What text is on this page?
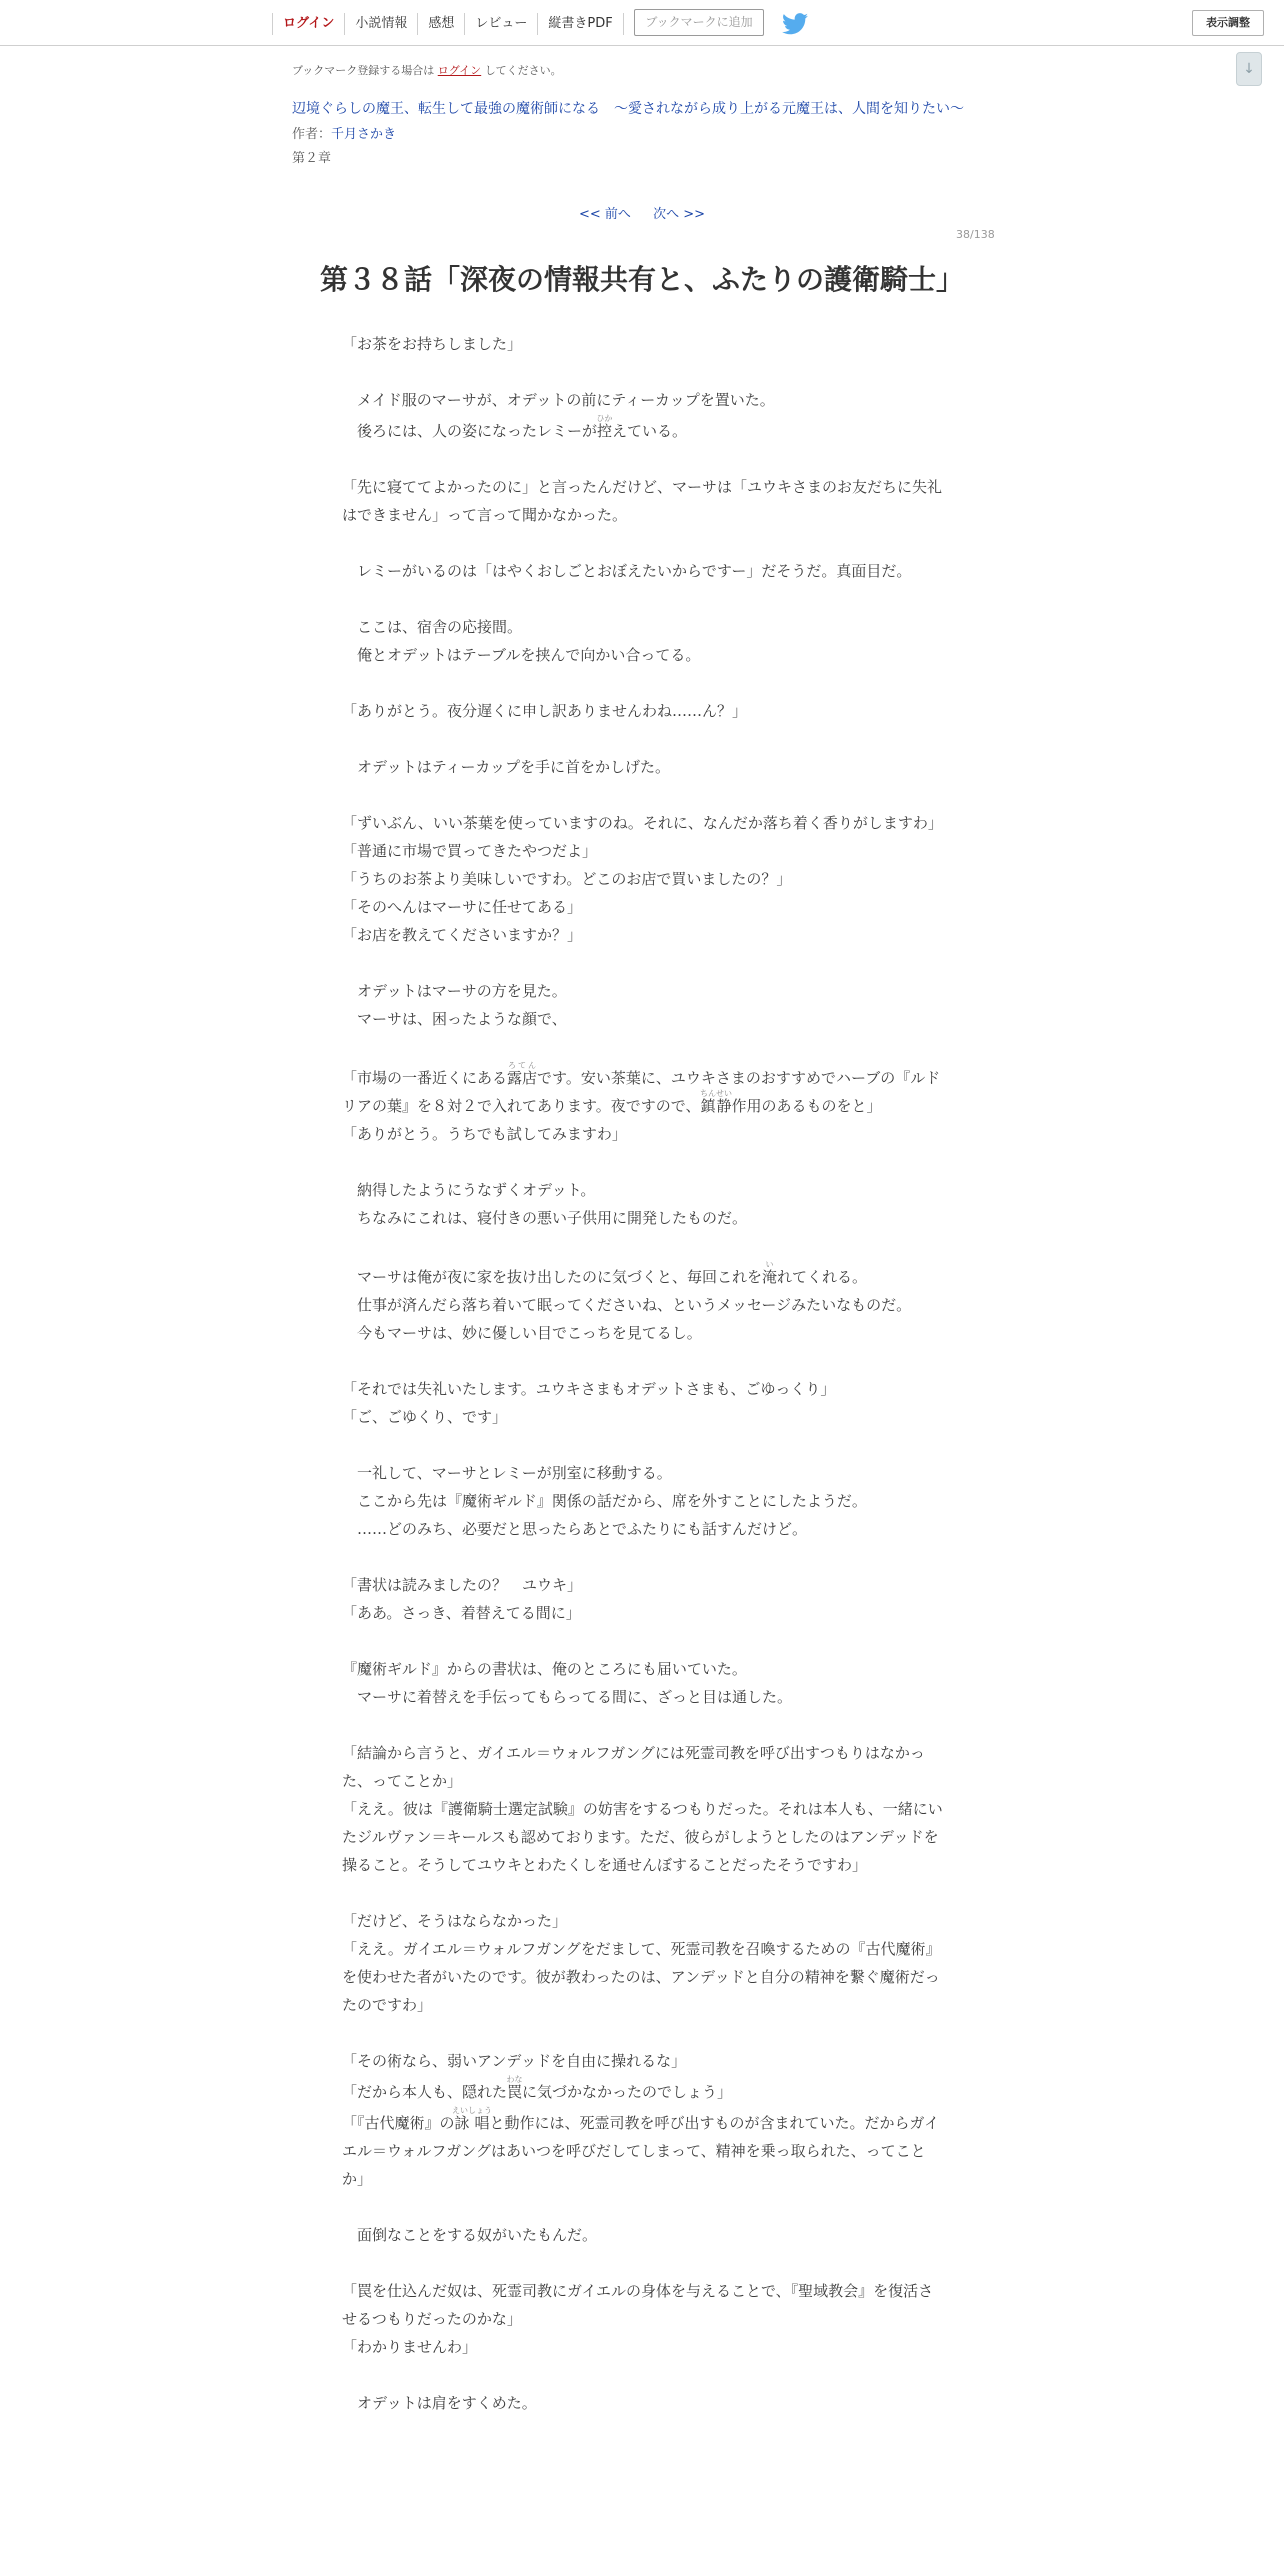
ログイン	小説情報	感想	レビュー	縦書きPDF	ブックマークに追加	表示調整
↓
ブックマーク登録する場合は ログイン してください。
辺境ぐらしの魔王、転生して最強の魔術師になる　〜愛されながら成り上がる元魔王は、人間を知りたい〜
作者：千月さかき
第２章
<< 前へ 次へ >>
38/138
第３８話「深夜の情報共有と、ふたりの護衛騎士」

「お茶をお持ちしました」

　メイド服のマーサが、オデットの前にティーカップを置いた。

　後ろには、人の姿になったレミーが控ひかえている。

「先に寝ててよかったのに」と言ったんだけど、マーサは「ユウキさまのお友だちに失礼はできません」って言って聞かなかった。

　レミーがいるのは「はやくおしごとおぼえたいからですー」だそうだ。真面目だ。

　ここは、宿舎の応接間。

　俺とオデットはテーブルを挟んで向かい合ってる。

「ありがとう。夜分遅くに申し訳ありませんわね……ん？」

　オデットはティーカップを手に首をかしげた。

「ずいぶん、いい茶葉を使っていますのね。それに、なんだか落ち着く香りがしますわ」

「普通に市場で買ってきたやつだよ」

「うちのお茶より美味しいですわ。どこのお店で買いましたの？」

「そのへんはマーサに任せてある」

「お店を教えてくださいますか？」

　オデットはマーサの方を見た。

　マーサは、困ったような顔で、

「市場の一番近くにある露店ろてんです。安い茶葉に、ユウキさまのおすすめでハーブの『ルドリアの葉』を８対２で入れてあります。夜ですので、鎮静ちんせい作用のあるものをと」

「ありがとう。うちでも試してみますわ」

　納得したようにうなずくオデット。

　ちなみにこれは、寝付きの悪い子供用に開発したものだ。

　マーサは俺が夜に家を抜け出したのに気づくと、毎回これを淹いれてくれる。

　仕事が済んだら落ち着いて眠ってくださいね、というメッセージみたいなものだ。

　今もマーサは、妙に優しい目でこっちを見てるし。

「それでは失礼いたします。ユウキさまもオデットさまも、ごゆっくり」

「ご、ごゆくり、です」

　一礼して、マーサとレミーが別室に移動する。

　ここから先は『魔術ギルド』関係の話だから、席を外すことにしたようだ。

　……どのみち、必要だと思ったらあとでふたりにも話すんだけど。

「書状は読みましたの？　ユウキ」

「ああ。さっき、着替えてる間に」

『魔術ギルド』からの書状は、俺のところにも届いていた。

　マーサに着替えを手伝ってもらってる間に、ざっと目は通した。

「結論から言うと、ガイエル＝ウォルフガングには死霊司教を呼び出すつもりはなかった、ってことか」

「ええ。彼は『護衛騎士選定試験』の妨害をするつもりだった。それは本人も、一緒にいたジルヴァン＝キールスも認めております。ただ、彼らがしようとしたのはアンデッドを操ること。そうしてユウキとわたくしを通せんぼすることだったそうですわ」

「だけど、そうはならなかった」

「ええ。ガイエル＝ウォルフガングをだまして、死霊司教を召喚するための『古代魔術』を使わせた者がいたのです。彼が教わったのは、アンデッドと自分の精神を繋ぐ魔術だったのですわ」

「その術なら、弱いアンデッドを自由に操れるな」

「だから本人も、隠れた罠わなに気づかなかったのでしょう」

「『古代魔術』の詠唱えいしょうと動作には、死霊司教を呼び出すものが含まれていた。だからガイエル＝ウォルフガングはあいつを呼びだしてしまって、精神を乗っ取られた、ってことか」

　面倒なことをする奴がいたもんだ。

「罠を仕込んだ奴は、死霊司教にガイエルの身体を与えることで、『聖域教会』を復活させるつもりだったのかな」

「わかりませんわ」

　オデットは肩をすくめた。
